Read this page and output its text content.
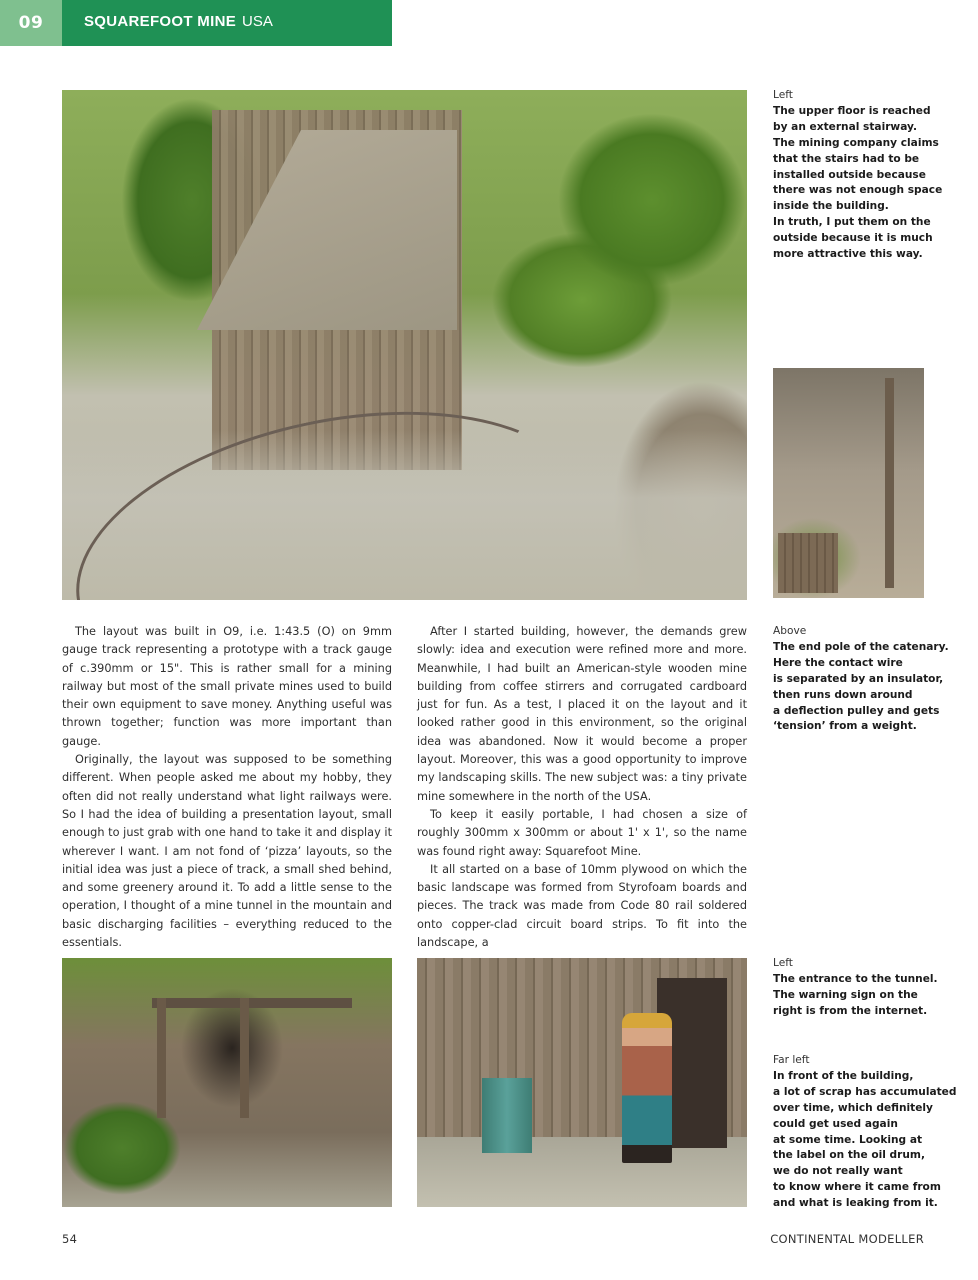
09	SQUAREFOOT MINE USA
Left
The upper floor is reached
by an external stairway.
The mining company claims
that the stairs had to be
installed outside because
there was not enough space
inside the building.
In truth, I put them on the
outside because it is much
more attractive this way.
Above
The end pole of the catenary.
Here the contact wire
is separated by an insulator,
then runs down around
a deflection pulley and gets
‘tension’ from a weight.

The layout was built in O9, i.e. 1:43.5 (O) on 9mm gauge track representing a prototype with a track gauge of c.390mm or 15". This is rather small for a mining railway but most of the small private mines used to build their own equipment to save money. Anything useful was thrown together; function was more important than gauge.

Originally, the layout was supposed to be something different. When people asked me about my hobby, they often did not really understand what light railways were. So I had the idea of building a presentation layout, small enough to just grab with one hand to take it and display it wherever I want. I am not fond of ‘pizza’ layouts, so the initial idea was just a piece of track, a small shed behind, and some greenery around it. To add a little sense to the operation, I thought of a mine tunnel in the mountain and basic discharging facilities – everything reduced to the essentials.

After I started building, however, the demands grew slowly: idea and execution were refined more and more. Meanwhile, I had built an American-style wooden mine building from coffee stirrers and corrugated cardboard just for fun. As a test, I placed it on the layout and it looked rather good in this environment, so the original idea was abandoned. Now it would become a proper layout. Moreover, this was a good opportunity to improve my landscaping skills. The new subject was: a tiny private mine somewhere in the north of the USA.

To keep it easily portable, I had chosen a size of roughly 300mm x 300mm or about 1' x 1', so the name was found right away: Squarefoot Mine.

It all started on a base of 10mm plywood on which the basic landscape was formed from Styrofoam boards and pieces. The track was made from Code 80 rail soldered onto copper-clad circuit board strips. To fit into the landscape, a

Left
The entrance to the tunnel.
The warning sign on the
right is from the internet.
Far left
In front of the building,
a lot of scrap has accumulated
over time, which definitely
could get used again
at some time. Looking at
the label on the oil drum,
we do not really want
to know where it came from
and what is leaking from it.
54	CONTINENTAL MODELLER
